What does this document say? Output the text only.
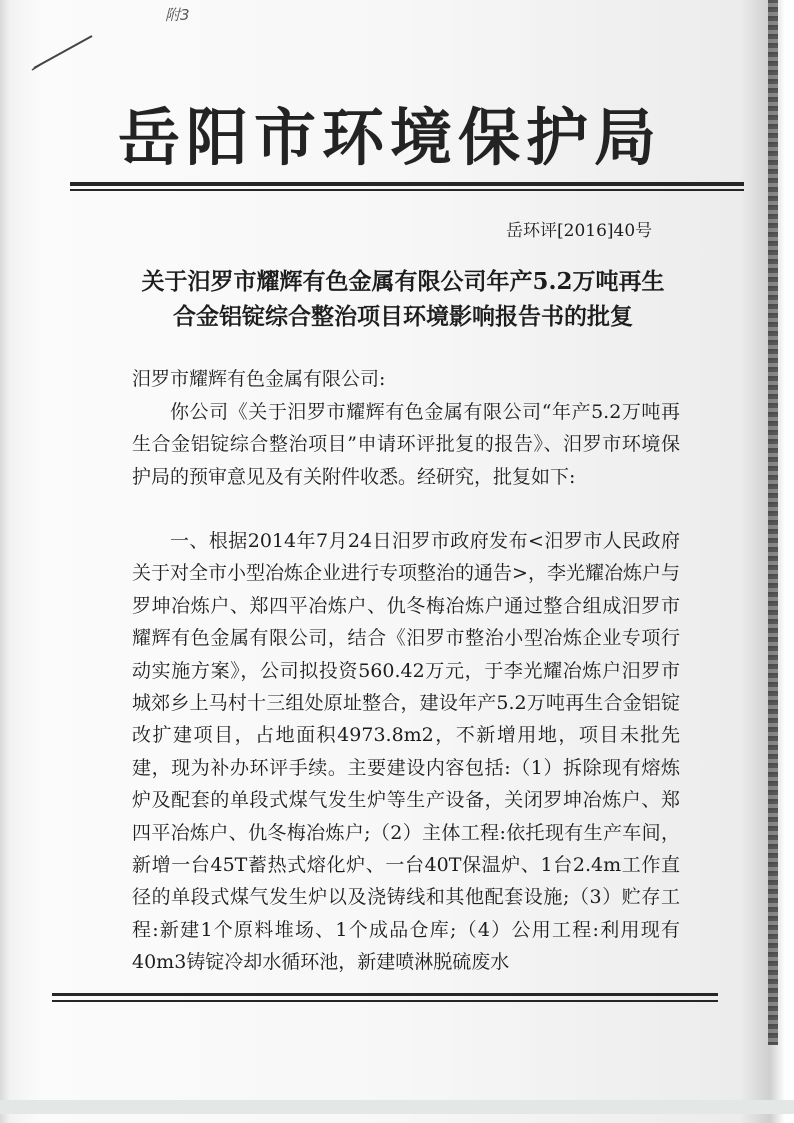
附3
岳阳市环境保护局
岳环评[2016]40号
关于汨罗市耀辉有色金属有限公司年产5.2万吨再生
合金铝锭综合整治项目环境影响报告书的批复
汨罗市耀辉有色金属有限公司:
你公司《关于汨罗市耀辉有色金属有限公司“年产5.2万吨再生合金铝锭综合整治项目”申请环评批复的报告》、汨罗市环境保护局的预审意见及有关附件收悉。经研究，批复如下:
一、根据2014年7月24日汨罗市政府发布<汨罗市人民政府关于对全市小型冶炼企业进行专项整治的通告>，李光耀冶炼户与罗坤冶炼户、郑四平冶炼户、仇冬梅冶炼户通过整合组成汨罗市耀辉有色金属有限公司，结合《汨罗市整治小型冶炼企业专项行动实施方案》，公司拟投资560.42万元，于李光耀冶炼户汨罗市城郊乡上马村十三组处原址整合，建设年产5.2万吨再生合金铝锭改扩建项目，占地面积4973.8m2，不新增用地，项目未批先建，现为补办环评手续。主要建设内容包括:（1）拆除现有熔炼炉及配套的单段式煤气发生炉等生产设备，关闭罗坤冶炼户、郑四平冶炼户、仇冬梅冶炼户;（2）主体工程:依托现有生产车间，新增一台45T蓄热式熔化炉、一台40T保温炉、1台2.4m工作直径的单段式煤气发生炉以及浇铸线和其他配套设施;（3）贮存工程:新建1个原料堆场、1个成品仓库;（4）公用工程:利用现有40m3铸锭冷却水循环池，新建喷淋脱硫废水
